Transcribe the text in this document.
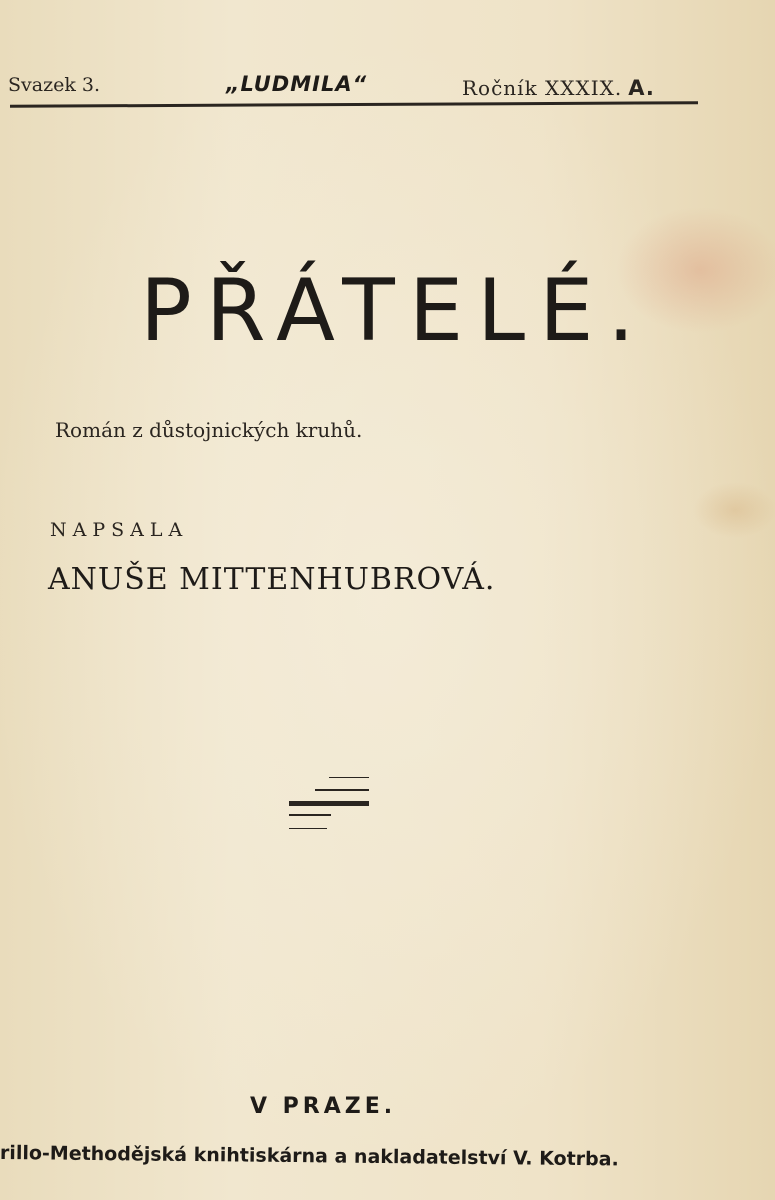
Svazek 3.	„LUDMILA“	Ročník XXXIX. A.
PŘÁTELÉ.
Román z důstojnických kruhů.
NAPSALA
ANUŠE MITTENHUBROVÁ.
V PRAZE.
rillo-Methodějská knihtiskárna a nakladatelství V. Kotrba.
